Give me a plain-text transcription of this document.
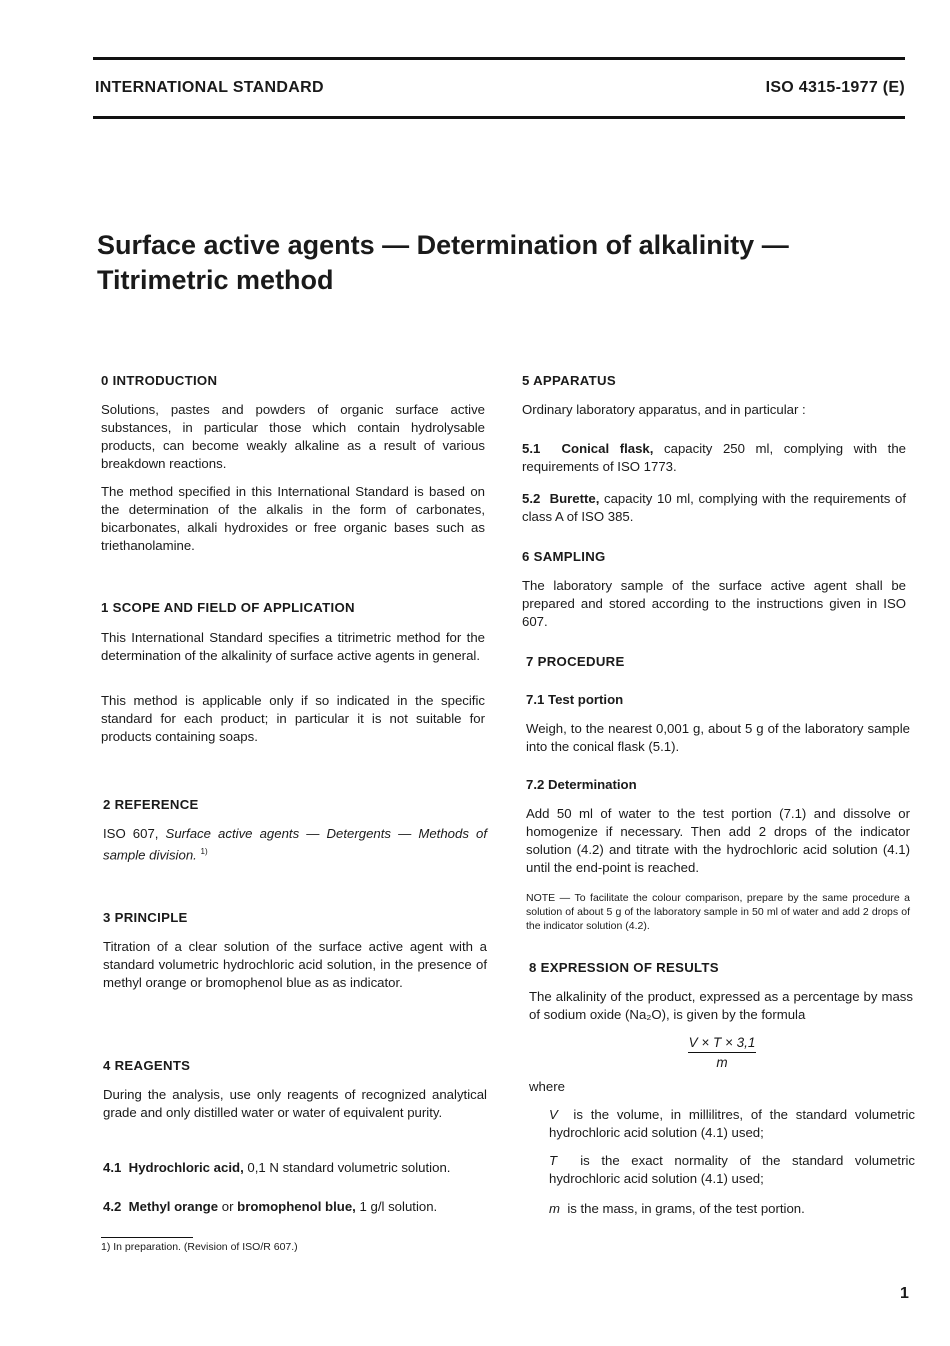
INTERNATIONAL STANDARD	ISO 4315-1977 (E)
Surface active agents — Determination of alkalinity —
Titrimetric method
0 INTRODUCTION
Solutions, pastes and powders of organic surface active substances, in particular those which contain hydrolysable products, can become weakly alkaline as a result of various breakdown reactions.
The method specified in this International Standard is based on the determination of the alkalis in the form of carbonates, bicarbonates, alkali hydroxides or free organic bases such as triethanolamine.
1 SCOPE AND FIELD OF APPLICATION
This International Standard specifies a titrimetric method for the determination of the alkalinity of surface active agents in general.
This method is applicable only if so indicated in the specific standard for each product; in particular it is not suitable for products containing soaps.
2 REFERENCE
ISO 607, Surface active agents — Detergents — Methods of sample division. $^{1)}$
3 PRINCIPLE
Titration of a clear solution of the surface active agent with a standard volumetric hydrochloric acid solution, in the presence of methyl orange or bromophenol blue as as indicator.
4 REAGENTS
During the analysis, use only reagents of recognized analytical grade and only distilled water or water of equivalent purity.
4.1 Hydrochloric acid, 0,1 N standard volumetric solution.
4.2 Methyl orange or bromophenol blue, 1 g/l solution.
5 APPARATUS
Ordinary laboratory apparatus, and in particular :
5.1 Conical flask, capacity 250 ml, complying with the requirements of ISO 1773.
5.2 Burette, capacity 10 ml, complying with the requirements of class A of ISO 385.
6 SAMPLING
The laboratory sample of the surface active agent shall be prepared and stored according to the instructions given in ISO 607.
7 PROCEDURE
7.1 Test portion
Weigh, to the nearest 0,001 g, about 5 g of the laboratory sample into the conical flask (5.1).
7.2 Determination
Add 50 ml of water to the test portion (7.1) and dissolve or homogenize if necessary. Then add 2 drops of the indicator solution (4.2) and titrate with the hydrochloric acid solution (4.1) until the end-point is reached.
NOTE — To facilitate the colour comparison, prepare by the same procedure a solution of about 5 g of the laboratory sample in 50 ml of water and add 2 drops of the indicator solution (4.2).
8 EXPRESSION OF RESULTS
The alkalinity of the product, expressed as a percentage by mass of sodium oxide (Na₂O), is given by the formula
$\frac{V \times T \times 3,1}{m}$
where
V is the volume, in millilitres, of the standard volumetric hydrochloric acid solution (4.1) used;
T is the exact normality of the standard volumetric hydrochloric acid solution (4.1) used;
m is the mass, in grams, of the test portion.
1) In preparation. (Revision of ISO/R 607.)
1
